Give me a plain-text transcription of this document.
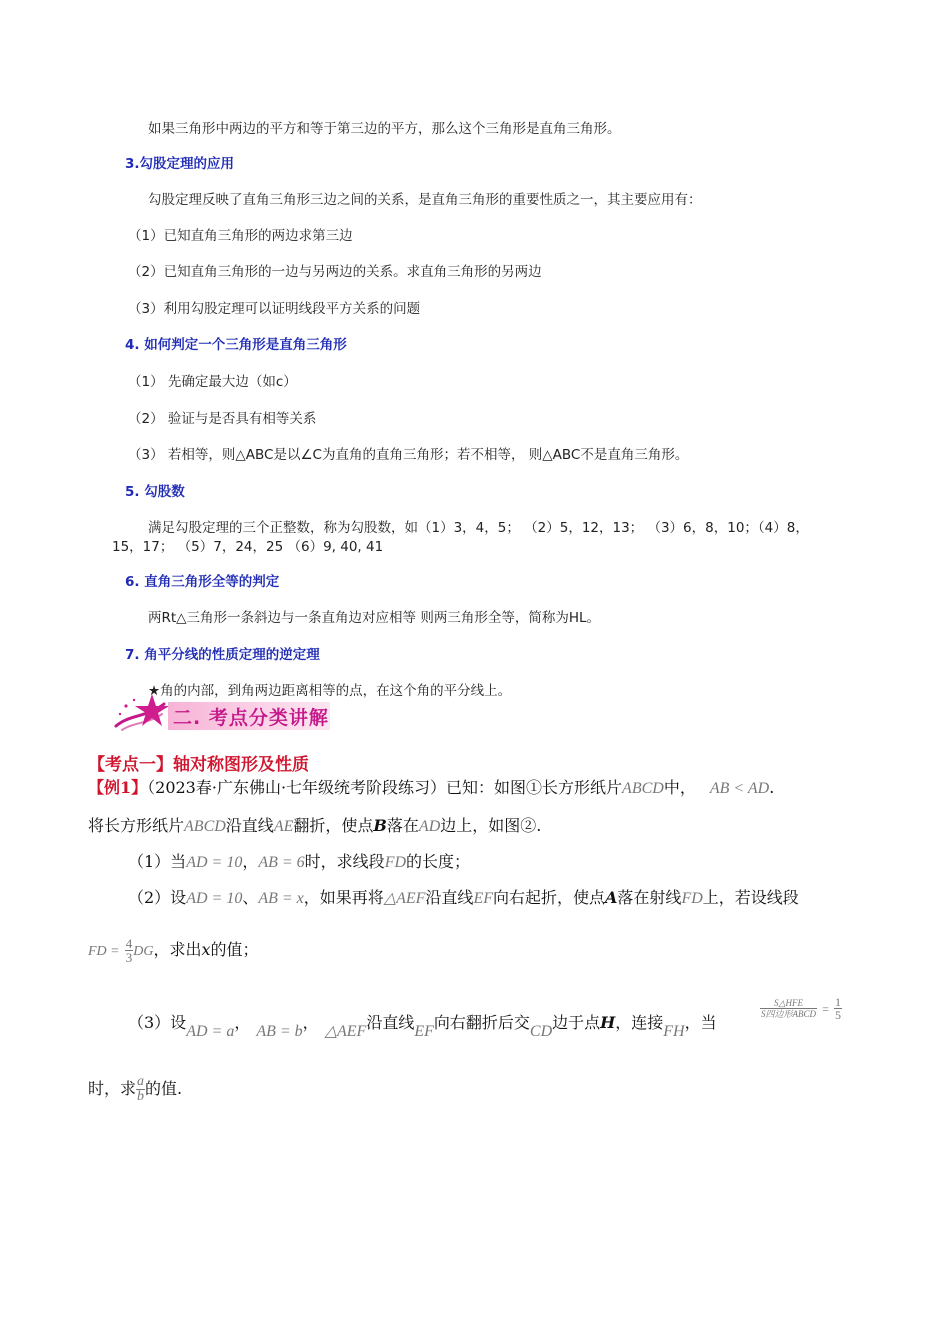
如果三角形中两边的平方和等于第三边的平方，那么这个三角形是直角三角形。
3.勾股定理的应用
勾股定理反映了直角三角形三边之间的关系，是直角三角形的重要性质之一，其主要应用有：
（1）已知直角三角形的两边求第三边
（2）已知直角三角形的一边与另两边的关系。求直角三角形的另两边
（3）利用勾股定理可以证明线段平方关系的问题
4. 如何判定一个三角形是直角三角形
（1） 先确定最大边（如c）
（2） 验证与是否具有相等关系
（3） 若相等，则△ABC是以∠C为直角的直角三角形；若不相等， 则△ABC不是直角三角形。
5. 勾股数
满足勾股定理的三个正整数，称为勾股数，如（1）3，4，5； （2）5，12，13； （3）6，8，10；（4）8，
15，17； （5）7，24，25 （6）9, 40, 41
6. 直角三角形全等的判定
两Rt△三角形一条斜边与一条直角边对应相等 则两三角形全等，简称为HL。
7. 角平分线的性质定理的逆定理
★角的内部，到角两边距离相等的点，在这个角的平分线上。
二. 考点分类讲解
【考点一】轴对称图形及性质
【例1】（2023春·广东佛山·七年级统考阶段练习）已知：如图①长方形纸片ABCD中， AB < AD.
将长方形纸片ABCD沿直线AE翻折，使点B落在AD边上，如图②.
（1）当AD = 10，AB = 6时，求线段FD的长度；
（2）设AD = 10、AB = x，如果再将△AEF沿直线EF向右起折，使点A落在射线FD上，若设线段
FD = $\frac{4}{3}$ DG，求出x的值；
（3）设AD = a， AB = b， △AEF沿直线EF向右翻折后交CD边于点H，连接FH，当
$\frac{\text{S△HFE}}{\text{S四边形ABCD}} = \frac{1}{5}$
时，求 $\frac{a}{b}$ 的值.
